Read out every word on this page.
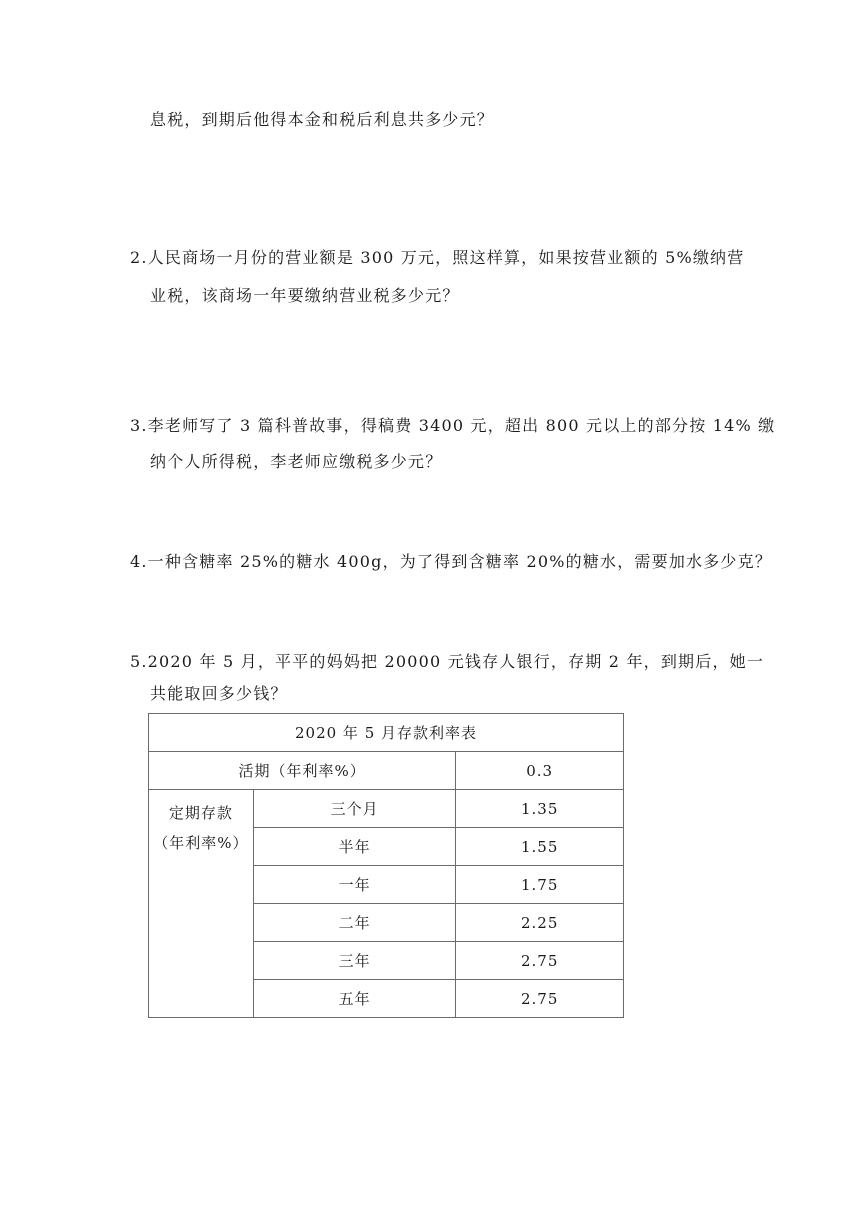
息税，到期后他得本金和税后利息共多少元？
2.人民商场一月份的营业额是 300 万元，照这样算，如果按营业额的 5%缴纳营
业税，该商场一年要缴纳营业税多少元？
3.李老师写了 3 篇科普故事，得稿费 3400 元，超出 800 元以上的部分按 14% 缴
纳个人所得税，李老师应缴税多少元？
4.一种含糖率 25%的糖水 400g，为了得到含糖率 20%的糖水，需要加水多少克？
5.2020 年 5 月，平平的妈妈把 20000 元钱存人银行，存期 2 年，到期后，她一
共能取回多少钱？
2020 年 5 月存款利率表		
活期（年利率%）		0.3

定期存款
（年利率%）	三个月	1.35
	半年	1.55
	一年	1.75
	二年	2.25
	三年	2.75
	五年	2.75
